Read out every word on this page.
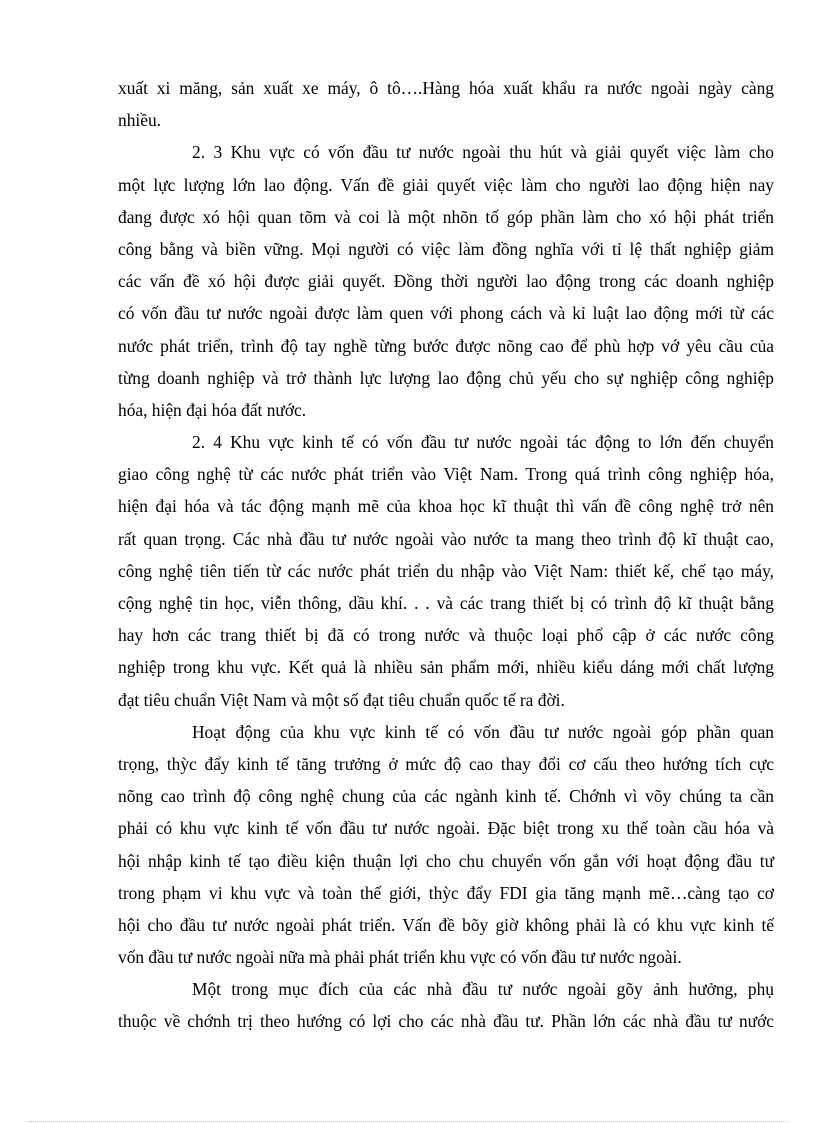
xuất xi măng, sản xuất xe máy, ô tô….Hàng hóa xuất khẩu ra nước ngoài ngày càng
nhiều.
2. 3 Khu vực có vốn đầu tư nước ngoài thu hút và giải quyết việc làm cho
một lực lượng lớn lao động. Vấn đề giải quyết việc làm cho người lao động hiện nay
đang được xó hội quan tõm và coi là một nhõn tố góp phần làm cho xó hội phát triển
công bằng và biền vững. Mọi người có việc làm đồng nghĩa với tỉ lệ thất nghiệp giảm
các vấn đề xó hội được giải quyết. Đồng thời người lao động trong các doanh nghiệp
có vốn đầu tư nước ngoài được làm quen với phong cách và kỉ luật lao động mới từ các
nước phát triển, trình độ tay nghề từng bước được nõng cao để phù hợp vớ yêu cầu của
từng doanh nghiệp và trở thành lực lượng lao động chủ yếu cho sự nghiệp công nghiệp
hóa, hiện đại hóa đất nước.
2. 4 Khu vực kinh tế có vốn đầu tư nước ngoài tác động to lớn đến chuyển
giao công nghệ từ các nước phát triển vào Việt Nam. Trong quá trình công nghiệp hóa,
hiện đại hóa và tác động mạnh mẽ của khoa học kĩ thuật thì vấn đề công nghệ trở nên
rất quan trọng. Các nhà đầu tư nước ngoài vào nước ta mang theo trình độ kĩ thuật cao,
công nghệ tiên tiến từ các nước phát triển du nhập vào Việt Nam: thiết kế, chế tạo máy,
cộng nghệ tin học, viễn thông, dầu khí. . . và các trang thiết bị có trình độ kĩ thuật bằng
hay hơn các trang thiết bị đã có trong nước và thuộc loại phổ cập ở các nước công
nghiệp trong khu vực. Kết quả là nhiều sản phẩm mới, nhiều kiểu dáng mới chất lượng
đạt tiêu chuẩn Việt Nam và một số đạt tiêu chuẩn quốc tế ra đời.
Hoạt động của khu vực kinh tế có vốn đầu tư nước ngoài góp phần quan
trọng, thỳc đẩy kinh tế tăng trưởng ở mức độ cao thay đổi cơ cấu theo hướng tích cực
nõng cao trình độ công nghệ chung của các ngành kinh tế. Chớnh vì võy chúng ta cần
phải có khu vực kinh tế vốn đầu tư nước ngoài. Đặc biệt trong xu thế toàn cầu hóa và
hội nhập kinh tế tạo điều kiện thuận lợi cho chu chuyển vốn gắn với hoạt động đầu tư
trong phạm vi khu vực và toàn thế giới, thỳc đẩy FDI gia tăng mạnh mẽ…càng tạo cơ
hội cho đầu tư nước ngoài phát triển. Vấn đề bõy giờ không phải là có khu vực kinh tế
vốn đầu tư nước ngoài nữa mà phải phát triển khu vực có vốn đầu tư nước ngoài.
Một trong mục đích của các nhà đầu tư nước ngoài gõy ảnh hưởng, phụ
thuộc về chớnh trị theo hướng có lợi cho các nhà đầu tư. Phần lớn các nhà đầu tư nước
